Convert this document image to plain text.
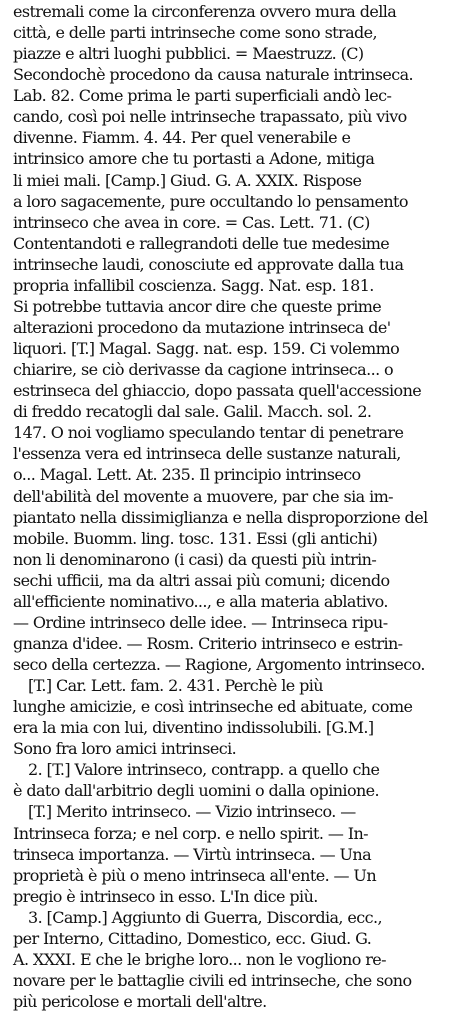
estremali come la circonferenza ovvero mura della
città, e delle parti intrinseche come sono strade,
piazze e altri luoghi pubblici. = Maestruzz. (C)
Secondochè procedono da causa naturale intrinseca.
Lab. 82. Come prima le parti superficiali andò lec-
cando, così poi nelle intrinseche trapassato, più vivo
divenne. Fiamm. 4. 44. Per quel venerabile e
intrinsico amore che tu portasti a Adone, mitiga
li miei mali. [Camp.] Giud. G. A. XXIX. Rispose
a loro sagacemente, pure occultando lo pensamento
intrinseco che avea in core. = Cas. Lett. 71. (C)
Contentandoti e rallegrandoti delle tue medesime
intrinseche laudi, conosciute ed approvate dalla tua
propria infallibil coscienza. Sagg. Nat. esp. 181.
Si potrebbe tuttavia ancor dire che queste prime
alterazioni procedono da mutazione intrinseca de'
liquori. [T.] Magal. Sagg. nat. esp. 159. Ci volemmo
chiarire, se ciò derivasse da cagione intrinseca... o
estrinseca del ghiaccio, dopo passata quell'accessione
di freddo recatogli dal sale. Galil. Macch. sol. 2.
147. O noi vogliamo speculando tentar di penetrare
l'essenza vera ed intrinseca delle sustanze naturali,
o... Magal. Lett. At. 235. Il principio intrinseco
dell'abilità del movente a muovere, par che sia im-
piantato nella dissimiglianza e nella disproporzione del
mobile. Buomm. ling. tosc. 131. Essi (gli antichi)
non li denominarono (i casi) da questi più intrin-
sechi ufficii, ma da altri assai più comuni; dicendo
all'efficiente nominativo..., e alla materia ablativo.
— Ordine intrinseco delle idee. — Intrinseca ripu-
gnanza d'idee. — Rosm. Criterio intrinseco e estrin-
seco della certezza. — Ragione, Argomento intrinseco.
[T.] Car. Lett. fam. 2. 431. Perchè le più
lunghe amicizie, e così intrinseche ed abituate, come
era la mia con lui, diventino indissolubili. [G.M.]
Sono fra loro amici intrinseci.
2. [T.] Valore intrinseco, contrapp. a quello che
è dato dall'arbitrio degli uomini o dalla opinione.
[T.] Merito intrinseco. — Vizio intrinseco. —
Intrinseca forza; e nel corp. e nello spirit. — In-
trinseca importanza. — Virtù intrinseca. — Una
proprietà è più o meno intrinseca all'ente. — Un
pregio è intrinseco in esso. L'In dice più.
3. [Camp.] Aggiunto di Guerra, Discordia, ecc.,
per Interno, Cittadino, Domestico, ecc. Giud. G.
A. XXXI. E che le brighe loro... non le vogliono re-
novare per le battaglie civili ed intrinseche, che sono
più pericolose e mortali dell'altre.
